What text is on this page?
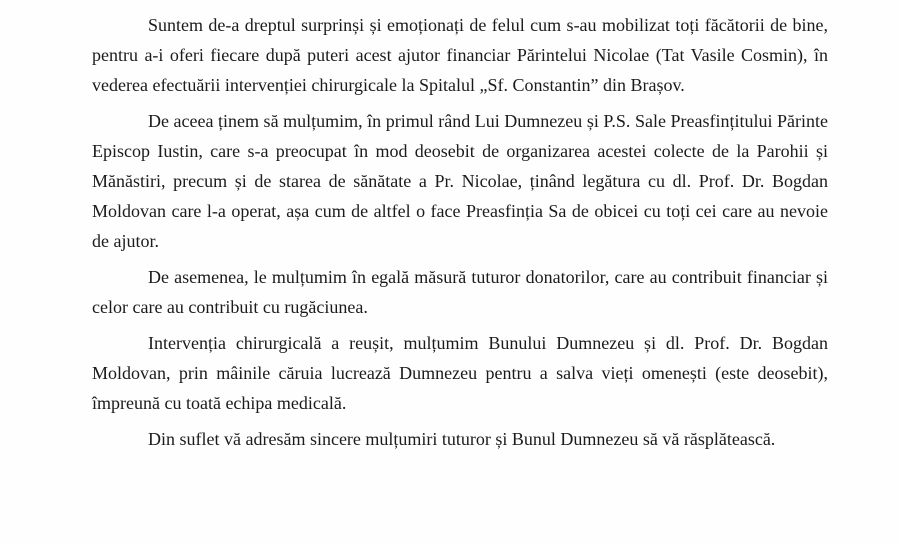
Suntem de-a dreptul surprinși și emoționați de felul cum s-au mobilizat toți făcătorii de bine, pentru a-i oferi fiecare după puteri acest ajutor financiar Părintelui Nicolae (Tat Vasile Cosmin), în vederea efectuării intervenției chirurgicale la Spitalul „Sf. Constantin” din Brașov.

De aceea ținem să mulțumim, în primul rând Lui Dumnezeu și P.S. Sale Preasfințitului Părinte Episcop Iustin, care s-a preocupat în mod deosebit de organizarea acestei colecte de la Parohii și Mănăstiri, precum și de starea de sănătate a Pr. Nicolae, ținând legătura cu dl. Prof. Dr. Bogdan Moldovan care l-a operat, așa cum de altfel o face Preasfinția Sa de obicei cu toți cei care au nevoie de ajutor.

De asemenea, le mulțumim în egală măsură tuturor donatorilor, care au contribuit financiar și celor care au contribuit cu rugăciunea.

Intervenția chirurgicală a reușit, mulțumim Bunului Dumnezeu și dl. Prof. Dr. Bogdan Moldovan, prin mâinile căruia lucrează Dumnezeu pentru a salva vieți omenești (este deosebit), împreună cu toată echipa medicală.

Din suflet vă adresăm sincere mulțumiri tuturor și Bunul Dumnezeu să vă răsplătească.
